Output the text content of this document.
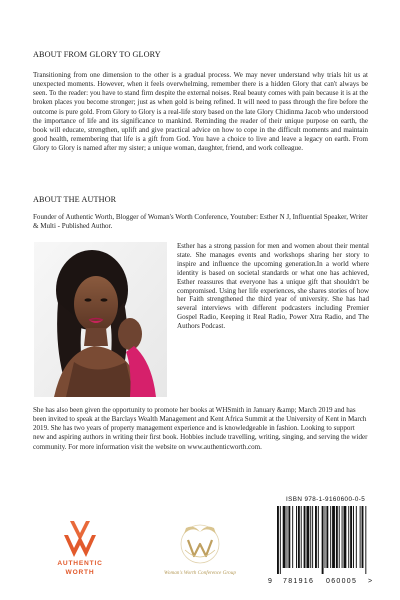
ABOUT FROM GLORY TO GLORY

Transitioning from one dimension to the other is a gradual process. We may never understand why trials hit us at unexpected moments. However, when it feels overwhelming, remember there is a hidden Glory that can't always be seen. To the reader: you have to stand firm despite the external noises. Real beauty comes with pain because it is at the broken places you become stronger; just as when gold is being refined. It will need to pass through the fire before the outcome is pure gold. From Glory to Glory is a real-life story based on the late Glory Chidinma Jacob who understood the importance of life and its significance to mankind. Reminding the reader of their unique purpose on earth, the book will educate, strengthen, uplift and give practical advice on how to cope in the difficult moments and maintain good health, remembering that life is a gift from God. You have a choice to live and leave a legacy on earth. From Glory to Glory is named after my sister; a unique woman, daughter, friend, and work colleague.

ABOUT THE AUTHOR

Founder of Authentic Worth, Blogger of Woman's Worth Conference, Youtuber: Esther N J, Influential Speaker, Writer & Multi - Published Author.

Esther has a strong passion for men and women about their mental state. She manages events and workshops sharing her story to inspire and influence the upcoming generation.In a world where identity is based on societal standards or what one has achieved, Esther reassures that everyone has a unique gift that shouldn't be compromised. Using her life experiences, she shares stories of how her Faith strengthened the third year of university. She has had several interviews with different podcasters including Premier Gospel Radio, Keeping it Real Radio, Power Xtra Radio, and The Authors Podcast.

She has also been given the opportunity to promote her books at WHSmith in January &amp; March 2019 and has been invited to speak at the Barclays Wealth Management and Kent Africa Summit at the University of Kent in March 2019. She has two years of property management experience and is knowledgeable in fashion. Looking to support new and aspiring authors in writing their first book. Hobbies include travelling, writing, singing, and serving the wider community. For more information visit the website on www.authenticworth.com.

AUTHENTIC
WORTH	Woman's Worth Conference Group
ISBN 978-1-9160600-0-5
9 781916 060005 >
